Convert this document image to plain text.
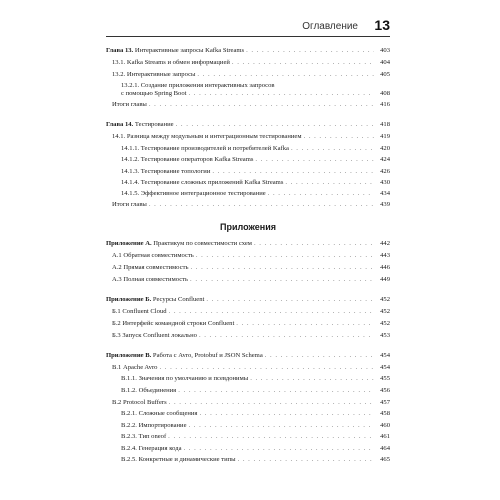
Оглавление 13
Глава 13. Интерактивные запросы Kafka Streams . . .	403
13.1. Kafka Streams и обмен информацией . . .	404
13.2. Интерактивные запросы . . .	405
13.2.1. Создание приложения интерактивных запросов
с помощью Spring Boot . . .	408
Итоги главы . . .	416
Глава 14. Тестирование . . .	418
14.1. Разница между модульным и интеграционным тестированием . . .	419
14.1.1. Тестирование производителей и потребителей Kafka . . .	420
14.1.2. Тестирование операторов Kafka Streams . . .	424
14.1.3. Тестирование топологии . . .	426
14.1.4. Тестирование сложных приложений Kafka Streams . . .	430
14.1.5. Эффективное интеграционное тестирование . . .	434
Итоги главы . . .	439
Приложения
Приложение А. Практикум по совместимости схем . . .	442
А.1 Обратная совместимость . . .	443
А.2 Прямая совместимость . . .	446
А.3 Полная совместимость . . .	449
Приложение Б. Ресурсы Confluent . . .	452
Б.1 Confluent Cloud . . .	452
Б.2 Интерфейс командной строки Confluent . . .	452
Б.3 Запуск Confluent локально . . .	453
Приложение В. Работа с Avro, Protobuf и JSON Schema . . .	454
В.1 Apache Avro . . .	454
В.1.1. Значения по умолчанию и псевдонимы . . .	455
В.1.2. Объединения . . .	456
В.2 Protocol Buffers . . .	457
В.2.1. Сложные сообщения . . .	458
В.2.2. Импортирование . . .	460
В.2.3. Тип oneof . . .	461
В.2.4. Генерация кода . . .	464
В.2.5. Конкретные и динамические типы . . .	465
